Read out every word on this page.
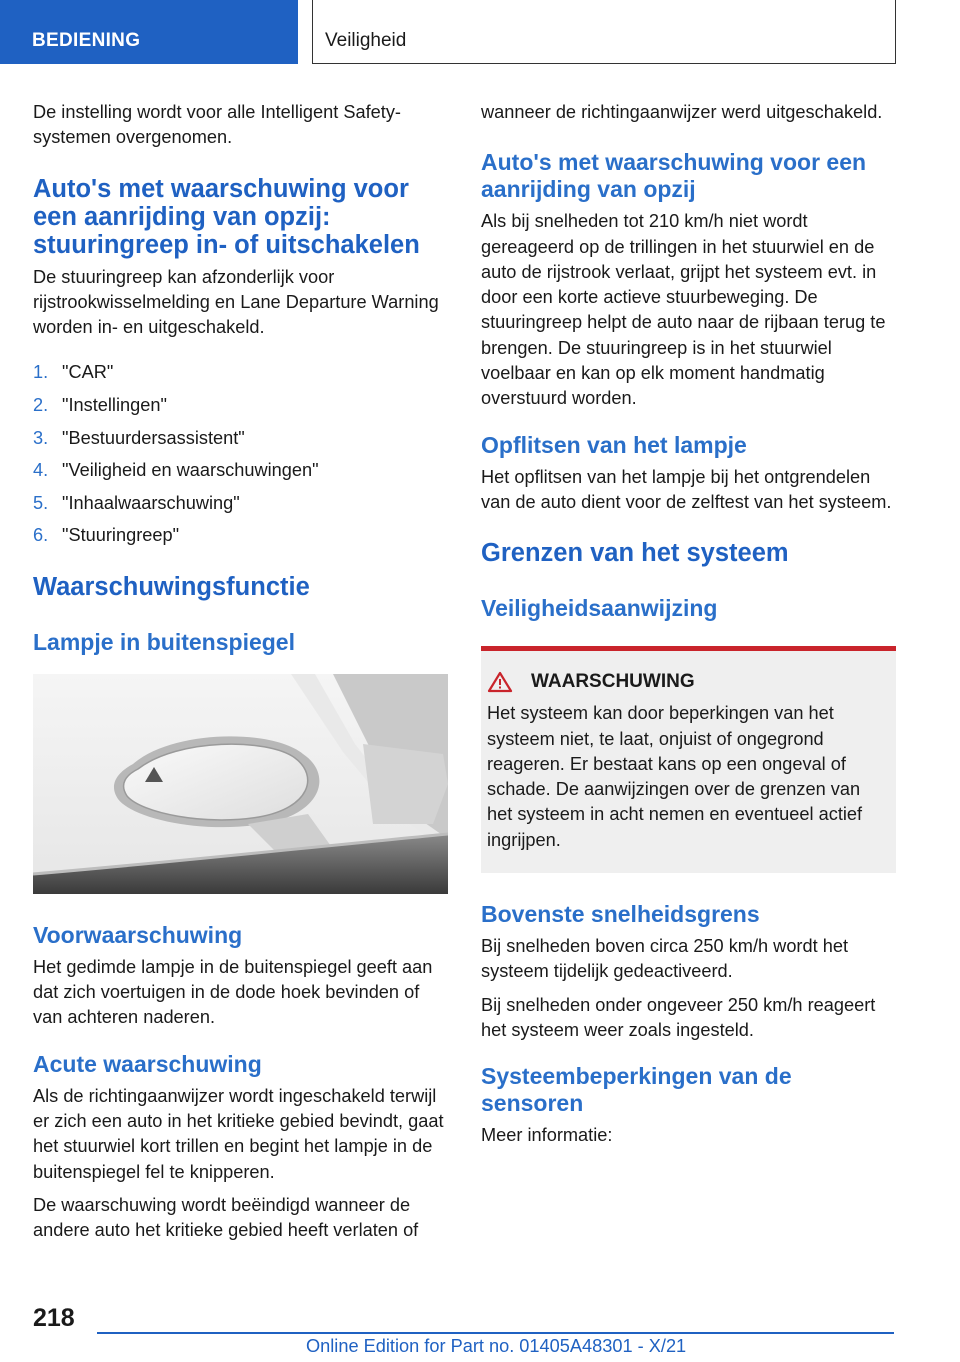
BEDIENING	Veiligheid

De instelling wordt voor alle Intelligent Safety-systemen overgenomen.

Auto's met waarschuwing voor een aanrijding van opzij: stuuringreep in- of uitschakelen

De stuuringreep kan afzonderlijk voor rijstrookwisselmelding en Lane Departure Warning worden in- en uitgeschakeld.

1. "CAR"
2. "Instellingen"
3. "Bestuurdersassistent"
4. "Veiligheid en waarschuwingen"
5. "Inhaalwaarschuwing"
6. "Stuuringreep"
Waarschuwingsfunctie
Lampje in buitenspiegel
Voorwaarschuwing

Het gedimde lampje in de buitenspiegel geeft aan dat zich voertuigen in de dode hoek bevinden of van achteren naderen.

Acute waarschuwing

Als de richtingaanwijzer wordt ingeschakeld terwijl er zich een auto in het kritieke gebied bevindt, gaat het stuurwiel kort trillen en begint het lampje in de buitenspiegel fel te knipperen.

De waarschuwing wordt beëindigd wanneer de andere auto het kritieke gebied heeft verlaten of

wanneer de richtingaanwijzer werd uitgeschakeld.

Auto's met waarschuwing voor een aanrijding van opzij

Als bij snelheden tot 210 km/h niet wordt gereageerd op de trillingen in het stuurwiel en de auto de rijstrook verlaat, grijpt het systeem evt. in door een korte actieve stuurbeweging. De stuuringreep helpt de auto naar de rijbaan terug te brengen. De stuuringreep is in het stuurwiel voelbaar en kan op elk moment handmatig overstuurd worden.

Opflitsen van het lampje

Het opflitsen van het lampje bij het ontgrendelen van de auto dient voor de zelftest van het systeem.

Grenzen van het systeem
Veiligheidsaanwijzing
WAARSCHUWING

Het systeem kan door beperkingen van het systeem niet, te laat, onjuist of ongegrond reageren. Er bestaat kans op een ongeval of schade. De aanwijzingen over de grenzen van het systeem in acht nemen en eventueel actief ingrijpen.

Bovenste snelheidsgrens

Bij snelheden boven circa 250 km/h wordt het systeem tijdelijk gedeactiveerd.

Bij snelheden onder ongeveer 250 km/h reageert het systeem weer zoals ingesteld.

Systeembeperkingen van de sensoren

Meer informatie:

218
Online Edition for Part no. 01405A48301 - X/21
